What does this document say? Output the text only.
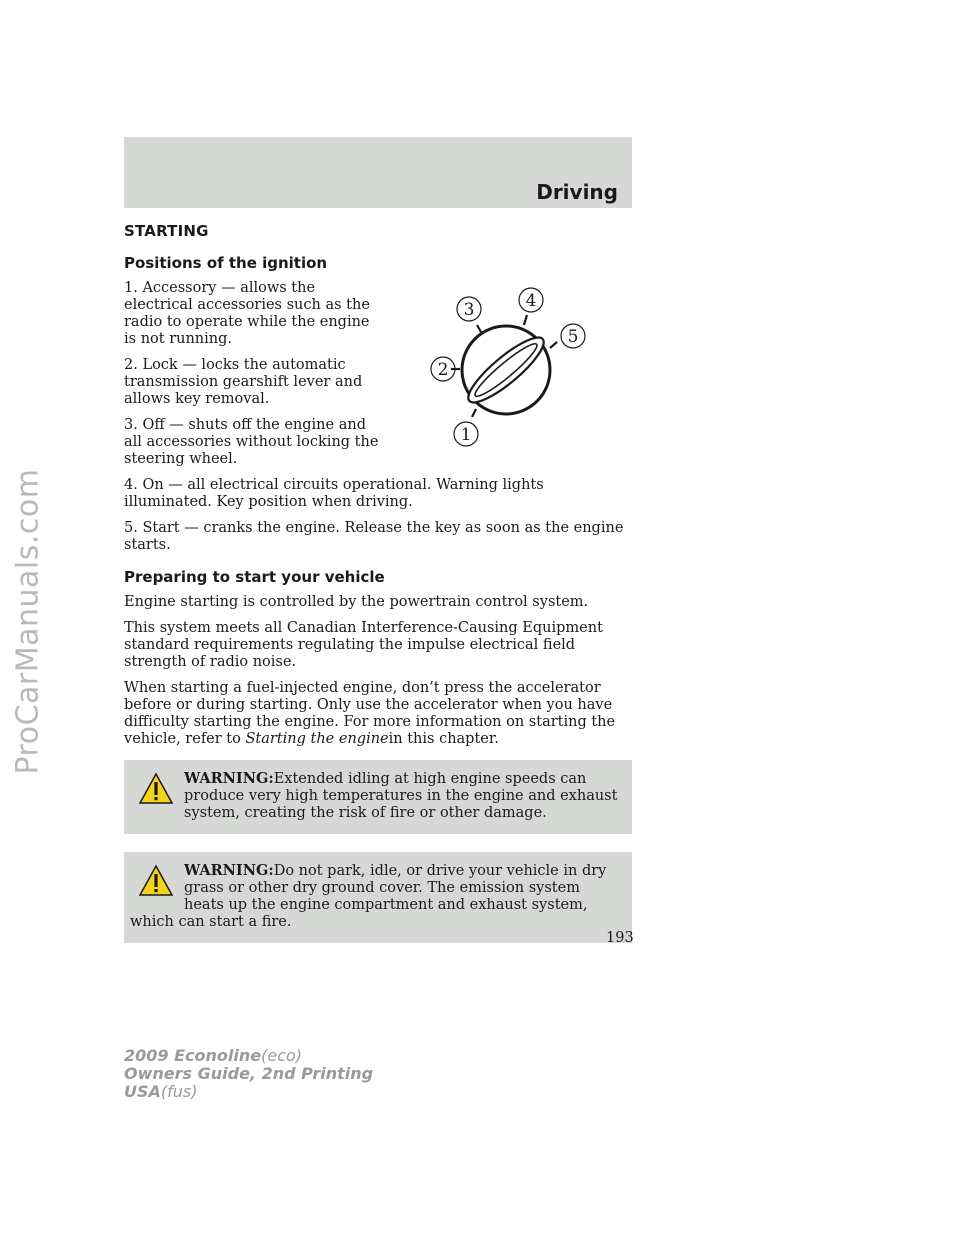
ProCarManuals.com
Driving
STARTING
Positions of the ignition

1. Accessory — allows the electrical accessories such as the radio to operate while the engine is not running.

2. Lock — locks the automatic transmission gearshift lever and allows key removal.

3. Off — shuts off the engine and all accessories without locking the steering wheel.

4. On — all electrical circuits operational. Warning lights illuminated. Key position when driving.

5. Start — cranks the engine. Release the key as soon as the engine starts.

1
2
3	4
5
Preparing to start your vehicle

Engine starting is controlled by the powertrain control system.

This system meets all Canadian Interference-Causing Equipment standard requirements regulating the impulse electrical field strength of radio noise.

When starting a fuel-injected engine, don’t press the accelerator before or during starting. Only use the accelerator when you have difficulty starting the engine. For more information on starting the vehicle, refer to Starting the enginein this chapter.

WARNING:Extended idling at high engine speeds can produce very high temperatures in the engine and exhaust system, creating the risk of fire or other damage.
WARNING:Do not park, idle, or drive your vehicle in dry grass or other dry ground cover. The emission system heats up the engine compartment and exhaust system, which can start a fire.
193
2009 Econoline(eco)
Owners Guide, 2nd Printing
USA(fus)
